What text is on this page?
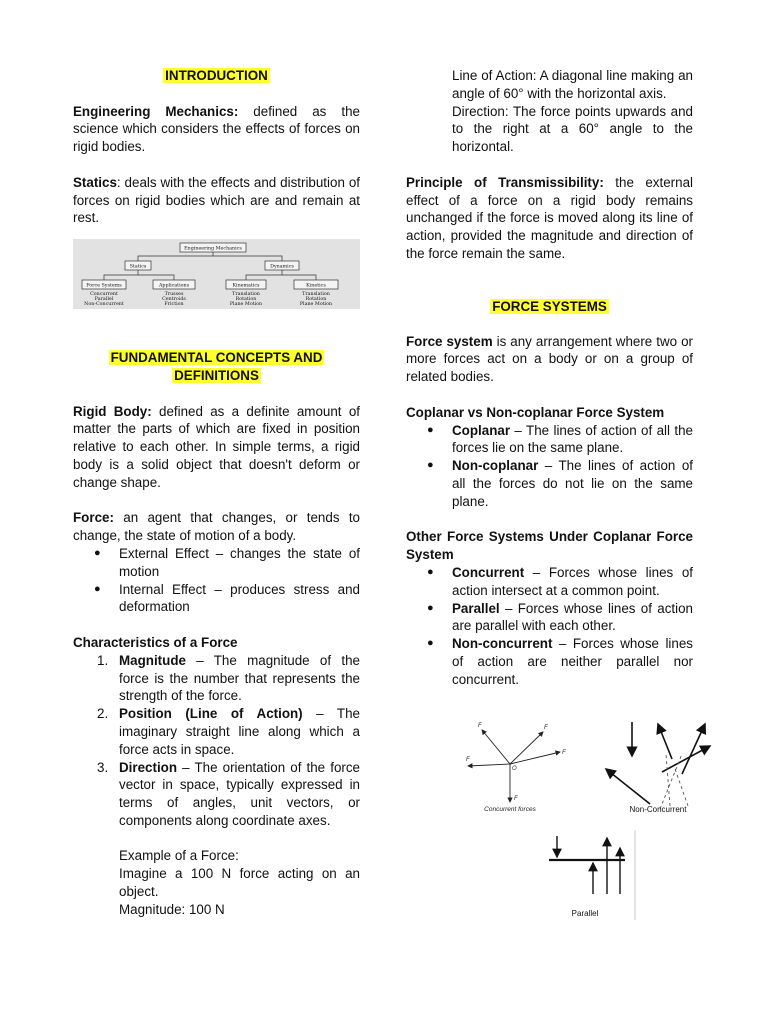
INTRODUCTION

Engineering Mechanics: defined as the science which considers the effects of forces on rigid bodies.

Statics: deals with the effects and distribution of forces on rigid bodies which are and remain at rest.

Engineering Mechanics
Statics	Dynamics
Force Systems	Applications	Kinematics	Kinetics
Concurrent
Parallel
Non-Concurrent
Trusses
Centroids
Friction
Translation
Rotation
Plane Motion
Translation
Rotation
Plane Motion

FUNDAMENTAL CONCEPTS AND
DEFINITIONS

Rigid Body: defined as a definite amount of matter the parts of which are fixed in position relative to each other. In simple terms, a rigid body is a solid object that doesn't deform or change shape.

Force: an agent that changes, or tends to change, the state of motion of a body.

● External Effect – changes the state of motion
● Internal Effect – produces stress and deformation

Characteristics of a Force

1. Magnitude – The magnitude of the force is the number that represents the strength of the force.
2. Position (Line of Action) – The imaginary straight line along which a force acts in space.
3. Direction – The orientation of the force vector in space, typically expressed in terms of angles, unit vectors, or components along coordinate axes.

Example of a Force:

Imagine a 100 N force acting on an object.

Magnitude: 100 N

Line of Action: A diagonal line making an angle of 60° with the horizontal axis.

Direction: The force points upwards and to the right at a 60° angle to the horizontal.

Principle of Transmissibility: the external effect of a force on a rigid body remains unchanged if the force is moved along its line of action, provided the magnitude and direction of the force remain the same.

FORCE SYSTEMS

Force system is any arrangement where two or more forces act on a body or on a group of related bodies.

Coplanar vs Non-coplanar Force System

● Coplanar – The lines of action of all the forces lie on the same plane.
● Non-coplanar – The lines of action of all the forces do not lie on the same plane.

Other Force Systems Under Coplanar Force System

● Concurrent – Forces whose lines of action intersect at a common point.
● Parallel – Forces whose lines of action are parallel with each other.
● Non-concurrent – Forces whose lines of action are neither parallel nor concurrent.
F	F
F
F
F
O
Concurrent forces	Non-Concurrent
Parallel
